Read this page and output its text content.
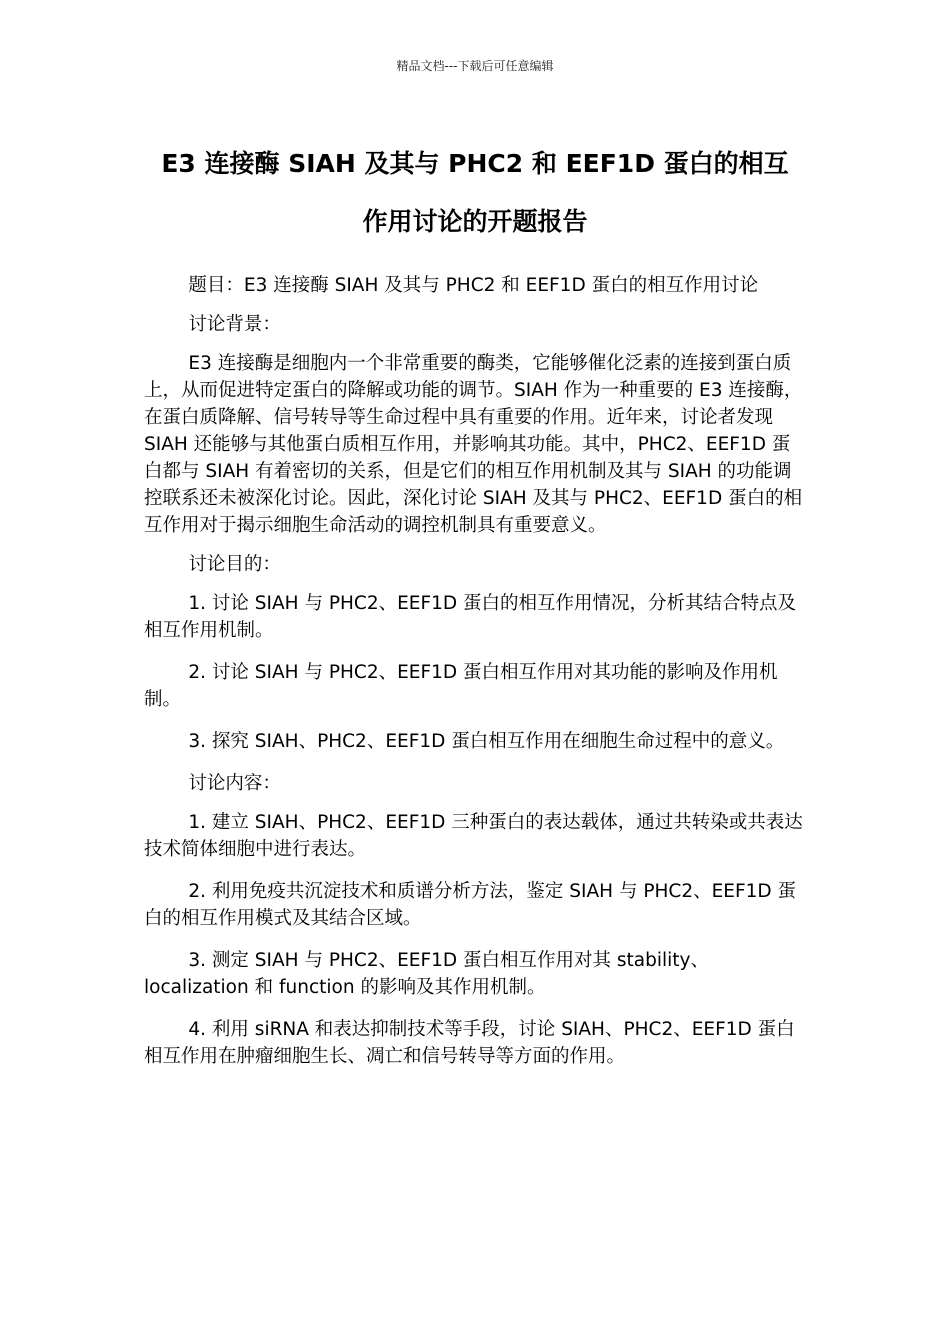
精品文档---下载后可任意编辑
E3 连接酶 SIAH 及其与 PHC2 和 EEF1D 蛋白的相互
作用讨论的开题报告

题目：E3 连接酶 SIAH 及其与 PHC2 和 EEF1D 蛋白的相互作用讨论

讨论背景：

E3 连接酶是细胞内一个非常重要的酶类，它能够催化泛素的连接到蛋白质上，从而促进特定蛋白的降解或功能的调节。SIAH 作为一种重要的 E3 连接酶，在蛋白质降解、信号转导等生命过程中具有重要的作用。近年来，讨论者发现 SIAH 还能够与其他蛋白质相互作用，并影响其功能。其中，PHC2、EEF1D 蛋白都与 SIAH 有着密切的关系，但是它们的相互作用机制及其与 SIAH 的功能调控联系还未被深化讨论。因此，深化讨论 SIAH 及其与 PHC2、EEF1D 蛋白的相互作用对于揭示细胞生命活动的调控机制具有重要意义。

讨论目的：

1. 讨论 SIAH 与 PHC2、EEF1D 蛋白的相互作用情况，分析其结合特点及相互作用机制。

2. 讨论 SIAH 与 PHC2、EEF1D 蛋白相互作用对其功能的影响及作用机制。

3. 探究 SIAH、PHC2、EEF1D 蛋白相互作用在细胞生命过程中的意义。

讨论内容：

1. 建立 SIAH、PHC2、EEF1D 三种蛋白的表达载体，通过共转染或共表达技术简体细胞中进行表达。

2. 利用免疫共沉淀技术和质谱分析方法，鉴定 SIAH 与 PHC2、EEF1D 蛋白的相互作用模式及其结合区域。

3. 测定 SIAH 与 PHC2、EEF1D 蛋白相互作用对其 stability、localization 和 function 的影响及其作用机制。

4. 利用 siRNA 和表达抑制技术等手段，讨论 SIAH、PHC2、EEF1D 蛋白相互作用在肿瘤细胞生长、凋亡和信号转导等方面的作用。
